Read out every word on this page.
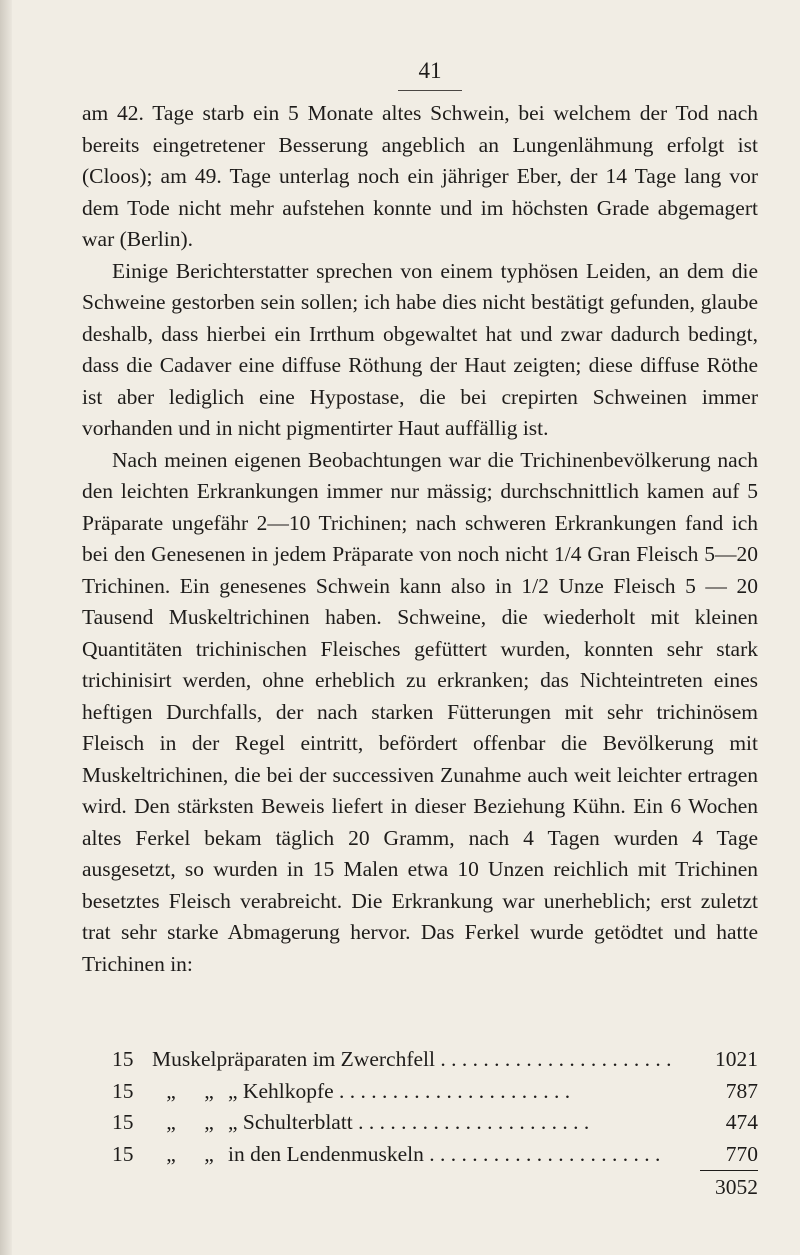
41

am 42. Tage starb ein 5 Monate altes Schwein, bei welchem der Tod nach bereits eingetretener Besserung angeblich an Lungenlähmung erfolgt ist (Cloos); am 49. Tage unterlag noch ein jähriger Eber, der 14 Tage lang vor dem Tode nicht mehr aufstehen konnte und im höchsten Grade abgemagert war (Berlin).

Einige Berichterstatter sprechen von einem typhösen Leiden, an dem die Schweine gestorben sein sollen; ich habe dies nicht bestätigt gefunden, glaube deshalb, dass hierbei ein Irrthum obgewaltet hat und zwar dadurch bedingt, dass die Cadaver eine diffuse Röthung der Haut zeigten; diese diffuse Röthe ist aber lediglich eine Hypostase, die bei crepirten Schweinen immer vorhanden und in nicht pigmentirter Haut auffällig ist.

Nach meinen eigenen Beobachtungen war die Trichinenbevölkerung nach den leichten Erkrankungen immer nur mässig; durchschnittlich kamen auf 5 Präparate ungefähr 2—10 Trichinen; nach schweren Erkrankungen fand ich bei den Genesenen in jedem Präparate von noch nicht 1/4 Gran Fleisch 5—20 Trichinen. Ein genesenes Schwein kann also in 1/2 Unze Fleisch 5 — 20 Tausend Muskeltrichinen haben. Schweine, die wiederholt mit kleinen Quantitäten trichinischen Fleisches gefüttert wurden, konnten sehr stark trichinisirt werden, ohne erheblich zu erkranken; das Nichteintreten eines heftigen Durchfalls, der nach starken Fütterungen mit sehr trichinösem Fleisch in der Regel eintritt, befördert offenbar die Bevölkerung mit Muskeltrichinen, die bei der successiven Zunahme auch weit leichter ertragen wird. Den stärksten Beweis liefert in dieser Beziehung Kühn. Ein 6 Wochen altes Ferkel bekam täglich 20 Gramm, nach 4 Tagen wurden 4 Tage ausgesetzt, so wurden in 15 Malen etwa 10 Unzen reichlich mit Trichinen besetztes Fleisch verabreicht. Die Erkrankung war unerheblich; erst zuletzt trat sehr starke Abmagerung hervor. Das Ferkel wurde getödtet und hatte Trichinen in:

15 Muskelpräparaten im Zwerchfell . . .	1021
15	„	„ „ Kehlkopfe . . .	787
15	„	„ „ Schulterblatt . . .	474
15	„	„ in den Lendenmuskeln . . .	770
3052
